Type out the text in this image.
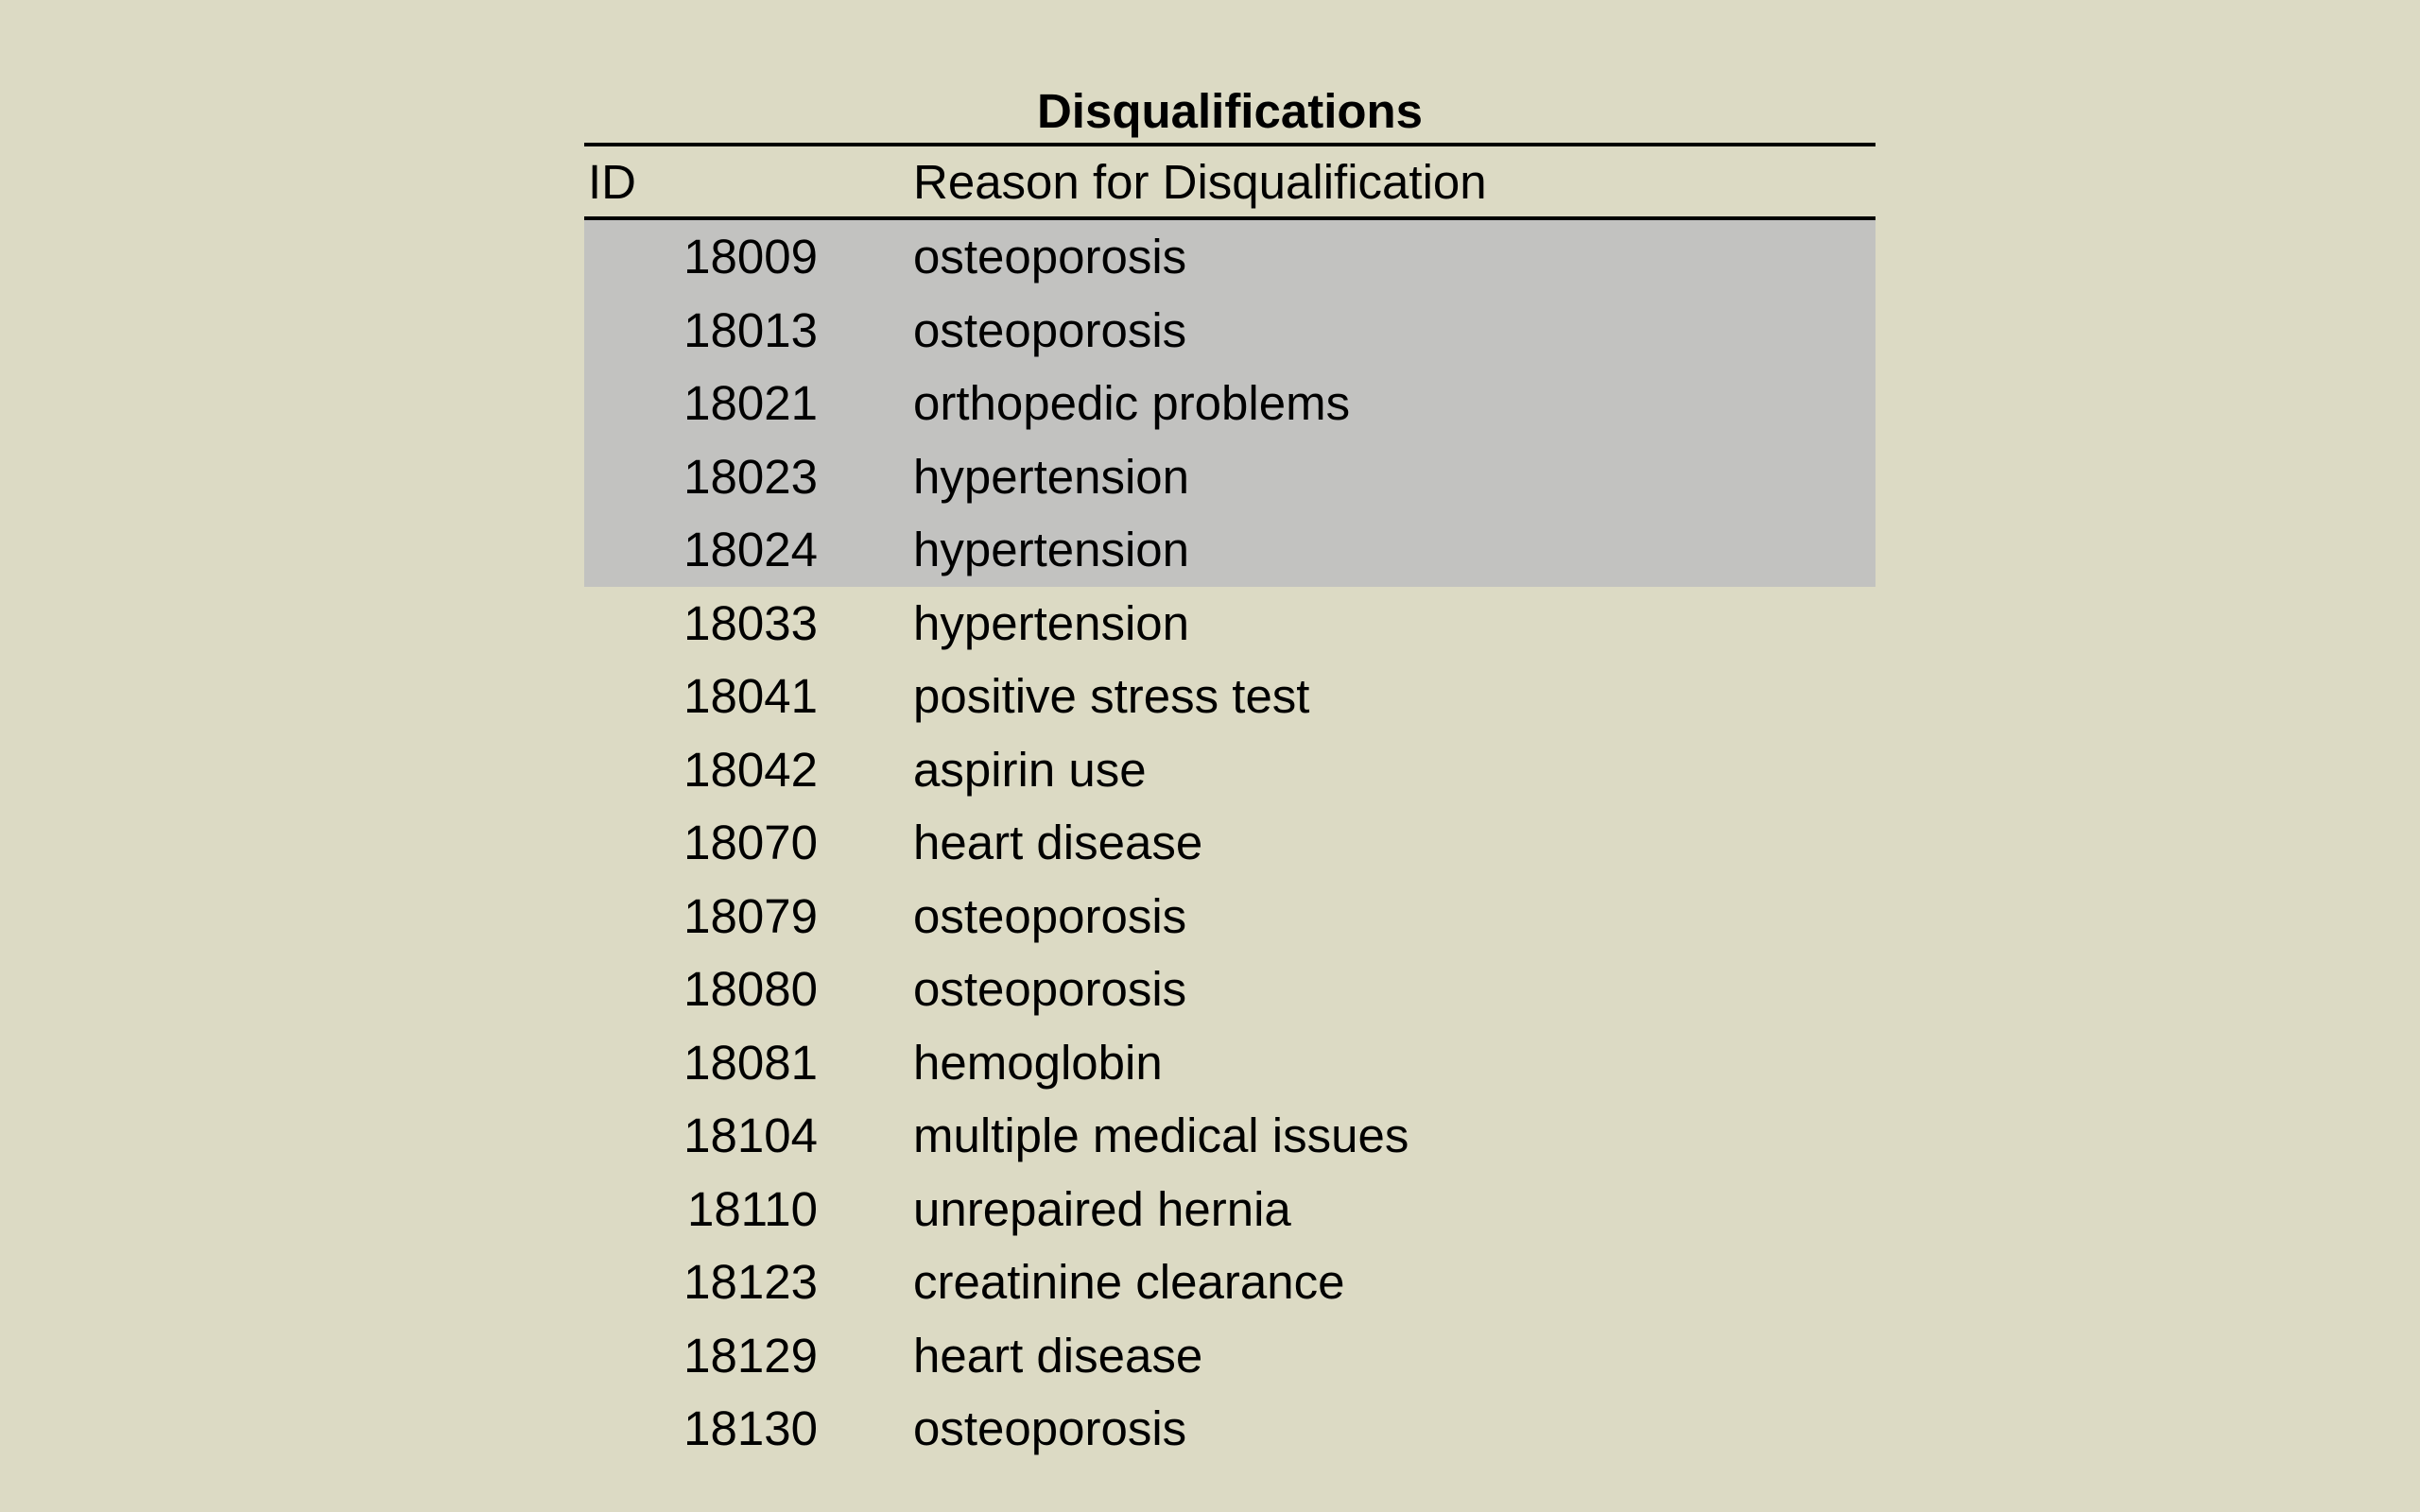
Disqualifications
ID	Reason for Disqualification
18009 osteoporosis
18013 osteoporosis
18021 orthopedic problems
18023 hypertension
18024 hypertension
18033 hypertension
18041 positive stress test
18042 aspirin use
18070 heart disease
18079 osteoporosis
18080 osteoporosis
18081 hemoglobin
18104 multiple medical issues
18110 unrepaired hernia
18123 creatinine clearance
18129 heart disease
18130 osteoporosis
